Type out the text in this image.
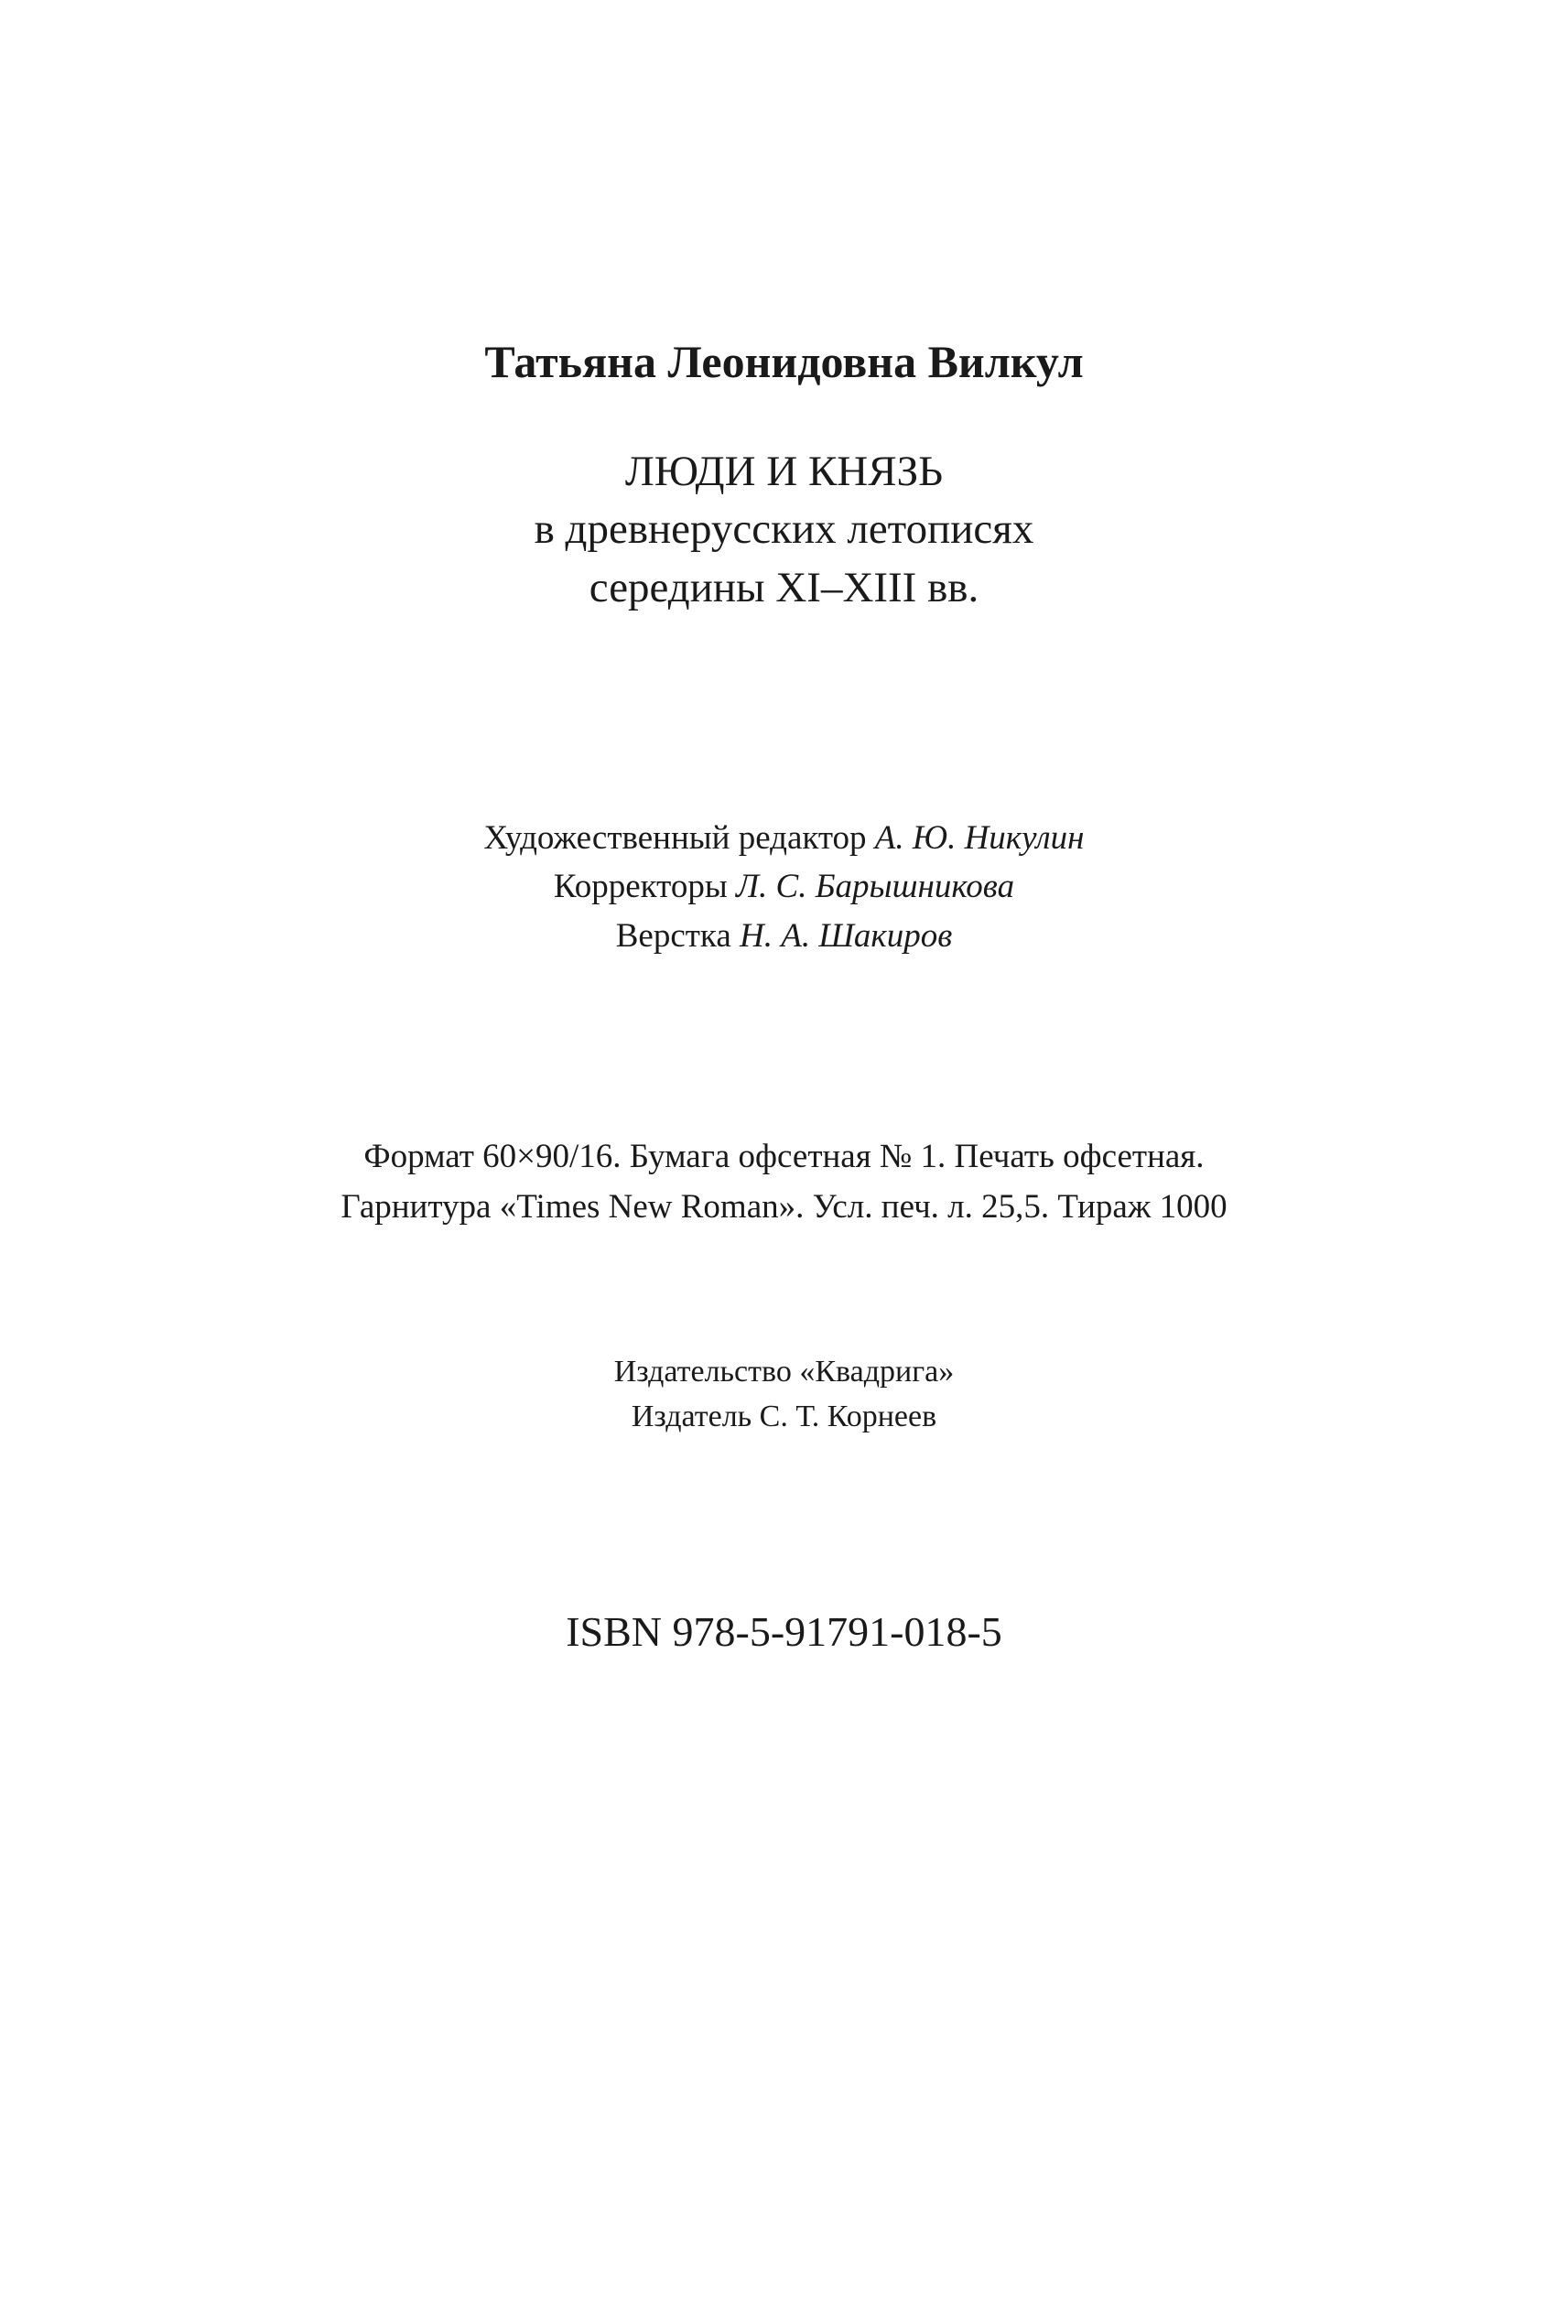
Татьяна Леонидовна Вилкул
ЛЮДИ И КНЯЗЬ
в древнерусских летописях
середины XI–XIII вв.
Художественный редактор А. Ю. Никулин
Корректоры Л. С. Барышникова
Верстка Н. А. Шакиров
Формат 60×90/16. Бумага офсетная № 1. Печать офсетная.
Гарнитура «Times New Roman». Усл. печ. л. 25,5. Тираж 1000
Издательство «Квадрига»
Издатель С. Т. Корнеев
ISBN 978-5-91791-018-5
